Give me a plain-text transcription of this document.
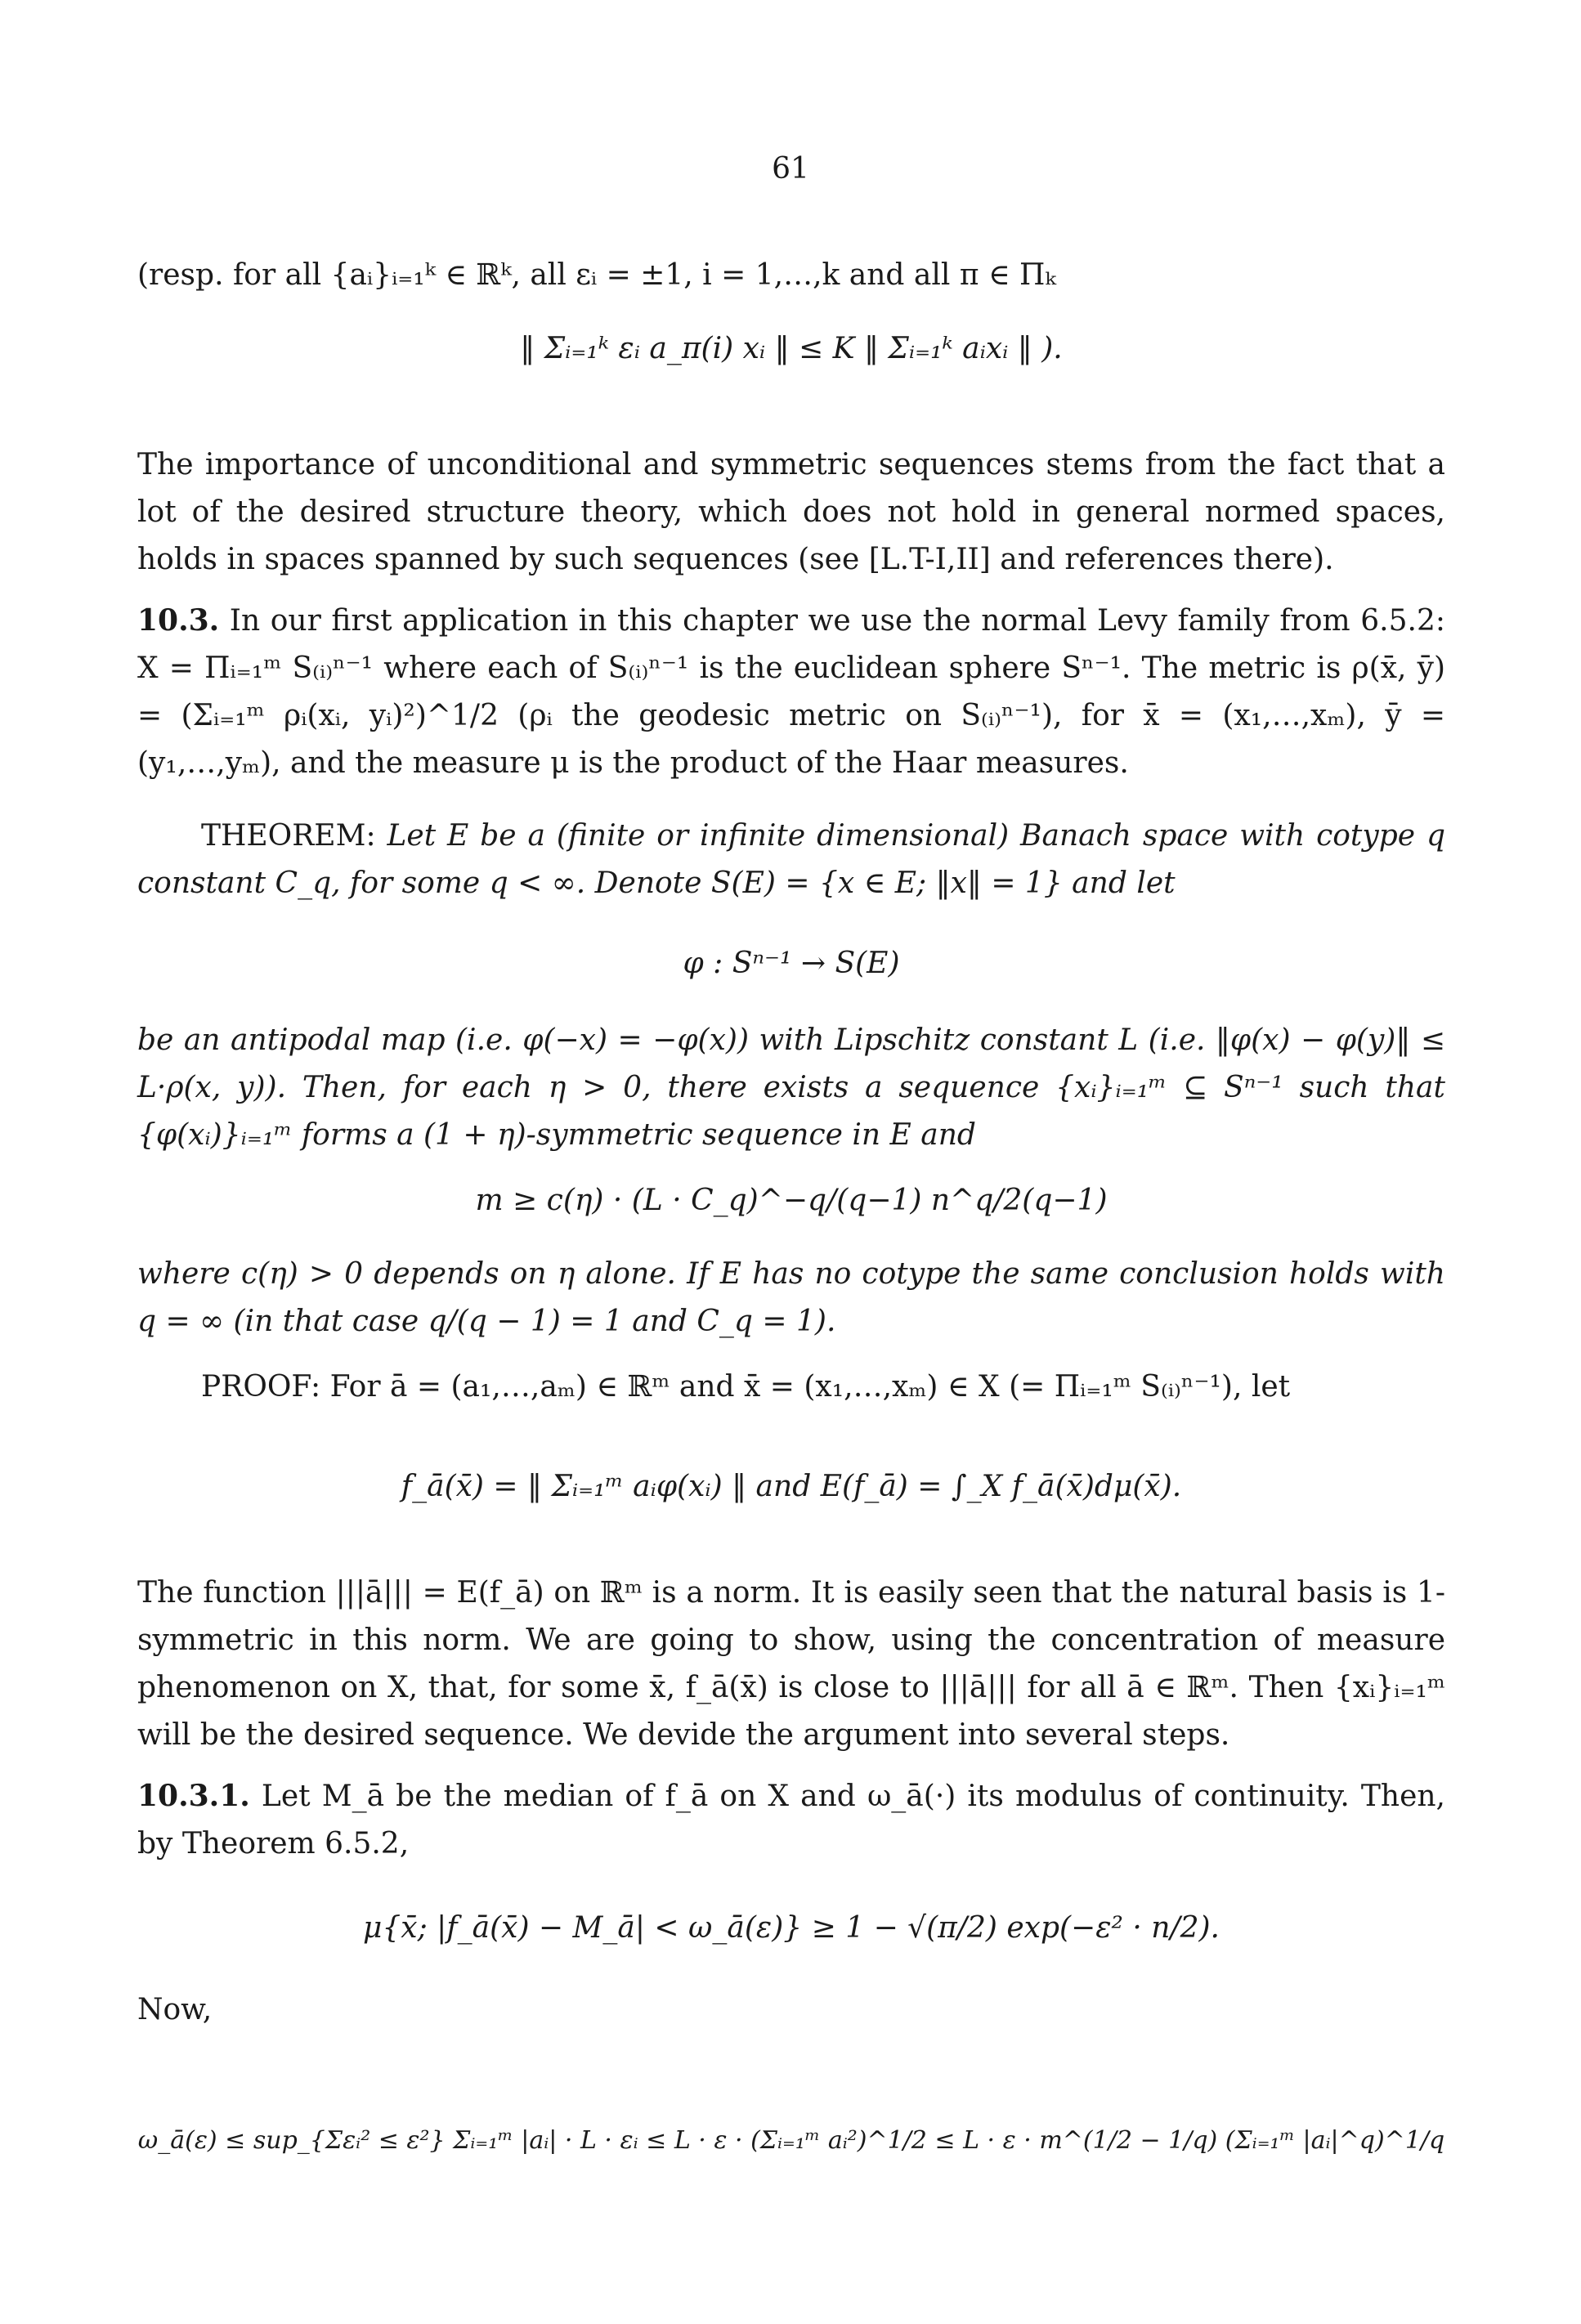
61
(resp. for all {aᵢ}ᵢ₌₁ᵏ ∈ ℝᵏ, all εᵢ = ±1, i = 1,…,k and all π ∈ Πₖ
‖ Σᵢ₌₁ᵏ εᵢ a_π(i) xᵢ ‖ ≤ K ‖ Σᵢ₌₁ᵏ aᵢxᵢ ‖ ).
The importance of unconditional and symmetric sequences stems from the fact that a lot of the desired structure theory, which does not hold in general normed spaces, holds in spaces spanned by such sequences (see [L.T-I,II] and references there).
10.3. In our first application in this chapter we use the normal Levy family from 6.5.2: X = Πᵢ₌₁ᵐ S₍ᵢ₎ⁿ⁻¹ where each of S₍ᵢ₎ⁿ⁻¹ is the euclidean sphere Sⁿ⁻¹. The metric is ρ(x̄, ȳ) = (Σᵢ₌₁ᵐ ρᵢ(xᵢ, yᵢ)²)^1/2 (ρᵢ the geodesic metric on S₍ᵢ₎ⁿ⁻¹), for x̄ = (x₁,…,xₘ), ȳ = (y₁,…,yₘ), and the measure μ is the product of the Haar measures.
THEOREM: Let E be a (finite or infinite dimensional) Banach space with cotype q constant C_q, for some q < ∞. Denote S(E) = {x ∈ E; ‖x‖ = 1} and let
φ : Sⁿ⁻¹ → S(E)
be an antipodal map (i.e. φ(−x) = −φ(x)) with Lipschitz constant L (i.e. ‖φ(x) − φ(y)‖ ≤ L·ρ(x, y)). Then, for each η > 0, there exists a sequence {xᵢ}ᵢ₌₁ᵐ ⊆ Sⁿ⁻¹ such that {φ(xᵢ)}ᵢ₌₁ᵐ forms a (1 + η)-symmetric sequence in E and
m ≥ c(η) · (L · C_q)^−q/(q−1) n^q/2(q−1)
where c(η) > 0 depends on η alone. If E has no cotype the same conclusion holds with q = ∞ (in that case q/(q − 1) = 1 and C_q = 1).
PROOF: For ā = (a₁,…,aₘ) ∈ ℝᵐ and x̄ = (x₁,…,xₘ) ∈ X (= Πᵢ₌₁ᵐ S₍ᵢ₎ⁿ⁻¹), let
f_ā(x̄) = ‖ Σᵢ₌₁ᵐ aᵢφ(xᵢ) ‖ and E(f_ā) = ∫_X f_ā(x̄)dμ(x̄).
The function |||ā||| = E(f_ā) on ℝᵐ is a norm. It is easily seen that the natural basis is 1-symmetric in this norm. We are going to show, using the concentration of measure phenomenon on X, that, for some x̄, f_ā(x̄) is close to |||ā||| for all ā ∈ ℝᵐ. Then {xᵢ}ᵢ₌₁ᵐ will be the desired sequence. We devide the argument into several steps.
10.3.1. Let M_ā be the median of f_ā on X and ω_ā(·) its modulus of continuity. Then, by Theorem 6.5.2,
μ{x̄; |f_ā(x̄) − M_ā| < ω_ā(ε)} ≥ 1 − √(π/2) exp(−ε² · n/2).
Now,
ω_ā(ε) ≤ sup_{Σεᵢ² ≤ ε²} Σᵢ₌₁ᵐ |aᵢ| · L · εᵢ ≤ L · ε · (Σᵢ₌₁ᵐ aᵢ²)^1/2 ≤ L · ε · m^(1/2 − 1/q) (Σᵢ₌₁ᵐ |aᵢ|^q)^1/q
